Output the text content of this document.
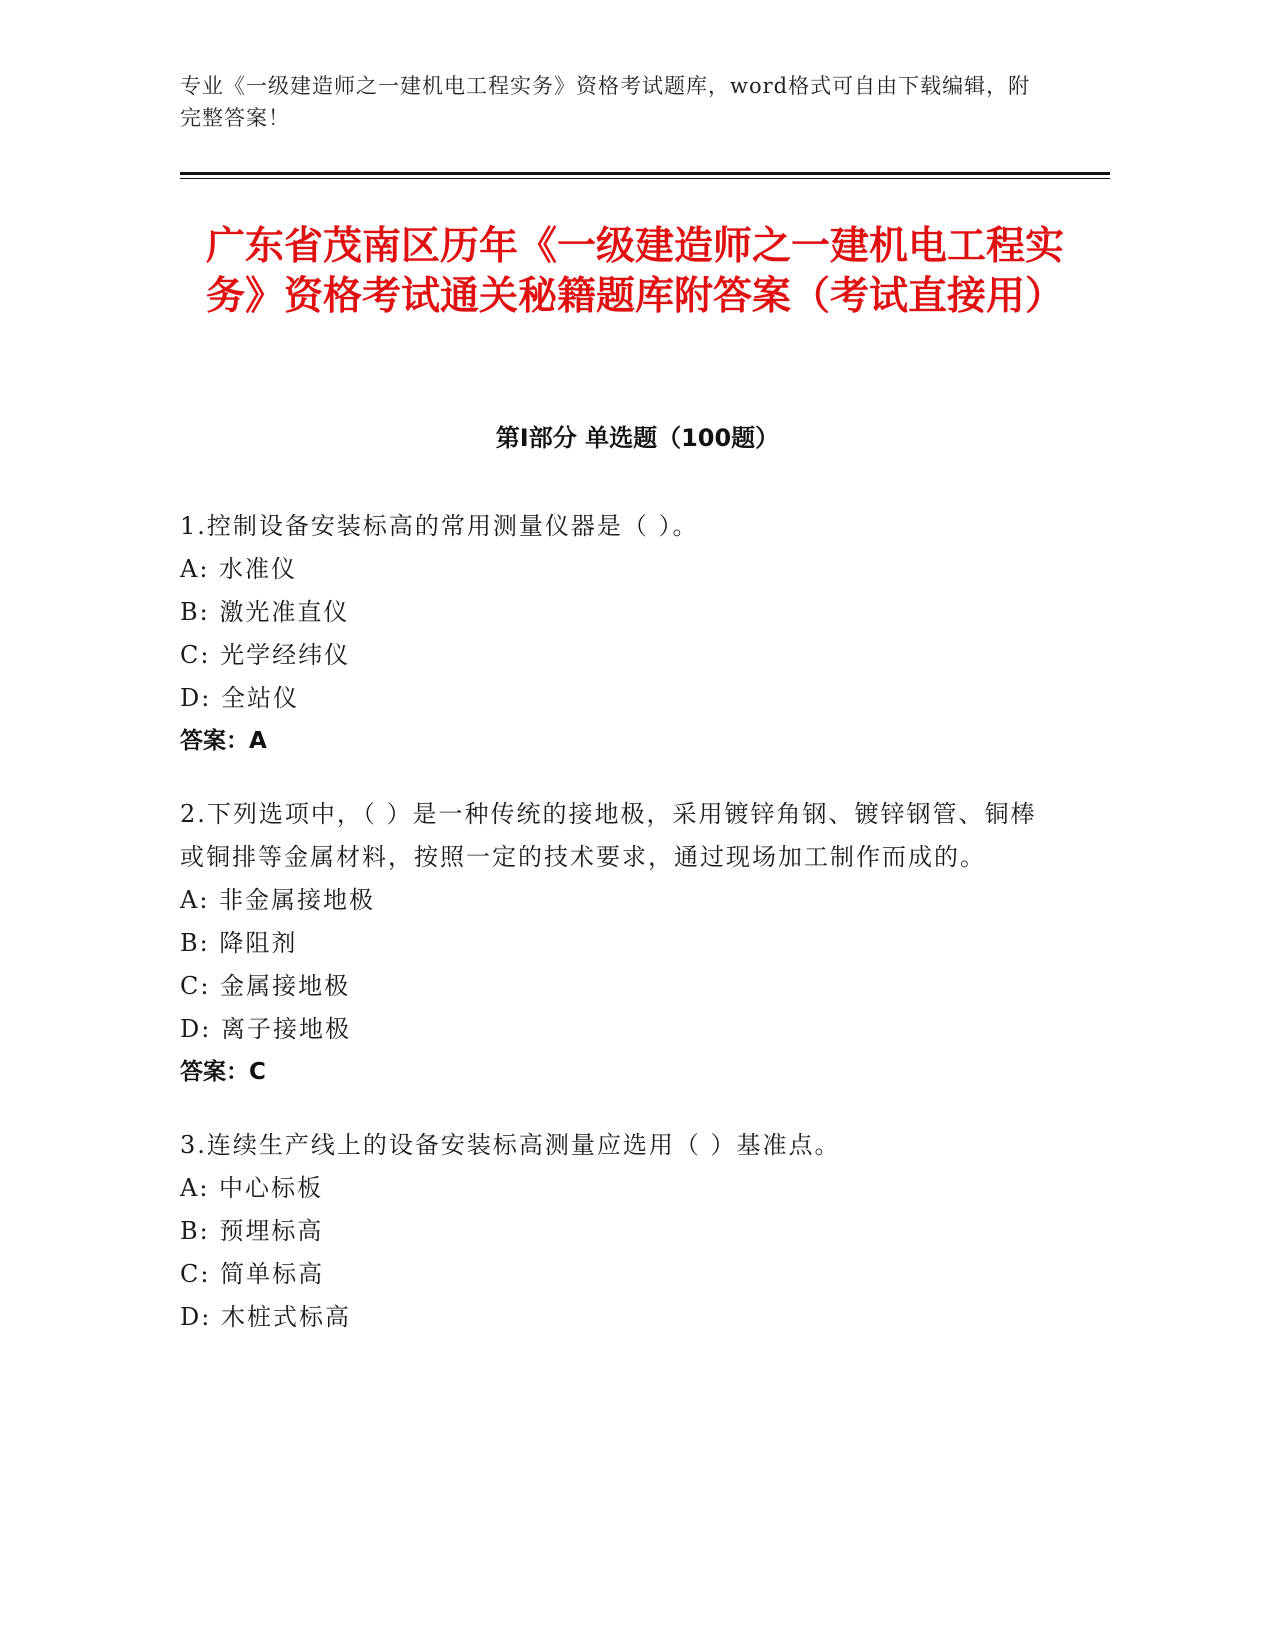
专业《一级建造师之一建机电工程实务》资格考试题库，word格式可自由下载编辑，附完整答案！
广东省茂南区历年《一级建造师之一建机电工程实务》资格考试通关秘籍题库附答案（考试直接用）
第Ⅰ部分 单选题（100题）
1.控制设备安装标高的常用测量仪器是（ ）。
A: 水准仪
B: 激光准直仪
C: 光学经纬仪
D: 全站仪
答案：A
2.下列选项中，（ ）是一种传统的接地极，采用镀锌角钢、镀锌钢管、铜棒或铜排等金属材料，按照一定的技术要求，通过现场加工制作而成的。
A: 非金属接地极
B: 降阻剂
C: 金属接地极
D: 离子接地极
答案：C
3.连续生产线上的设备安装标高测量应选用（ ）基准点。
A: 中心标板
B: 预埋标高
C: 简单标高
D: 木桩式标高
